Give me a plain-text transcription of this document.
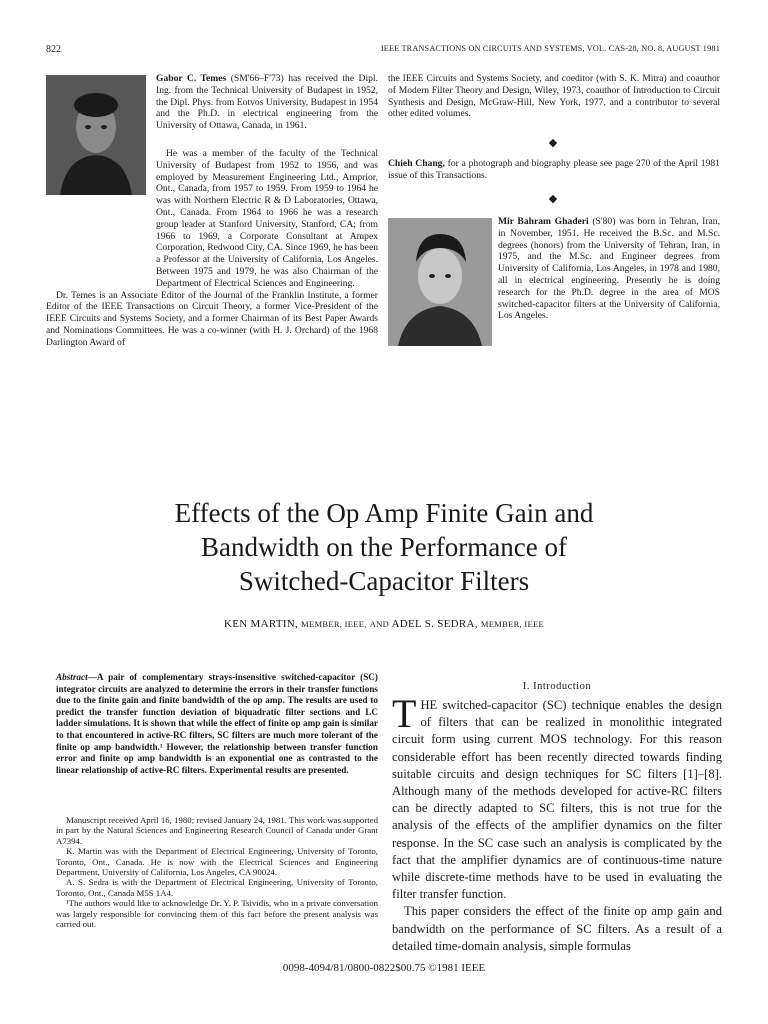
822	IEEE TRANSACTIONS ON CIRCUITS AND SYSTEMS, VOL. CAS-28, NO. 8, AUGUST 1981

Gabor C. Temes (SM'66–F'73) has received the Dipl. Ing. from the Technical University of Budapest in 1952, the Dipl. Phys. from Eotvos University, Budapest in 1954 and the Ph.D. in electrical engineering from the University of Ottawa, Canada, in 1961.

He was a member of the faculty of the Technical University of Budapest from 1952 to 1956, and was employed by Measurement Engineering Ltd., Arnprior, Ont., Canada, from 1957 to 1959. From 1959 to 1964 he was with Northern Electric R & D Laboratories, Ottawa, Ont., Canada. From 1964 to 1966 he was a research group leader at Stanford University, Stanford, CA; from 1966 to 1969, a Corporate Consultant at Ampex Corporation, Redwood City, CA. Since 1969, he has been a Professor at the University of California, Los Angeles. Between 1975 and 1979, he was also Chairman of the Department of Electrical Sciences and Engineering.

Dr. Temes is an Associate Editor of the Journal of the Franklin Institute, a former Editor of the IEEE Transactions on Circuit Theory, a former Vice-President of the IEEE Circuits and Systems Society, and a former Chairman of its Best Paper Awards and Nominations Committees. He was a co-winner (with H. J. Orchard) of the 1968 Darlington Award of

the IEEE Circuits and Systems Society, and coeditor (with S. K. Mitra) and coauthor of Modern Filter Theory and Design, Wiley, 1973, coauthor of Introduction to Circuit Synthesis and Design, McGraw-Hill, New York, 1977, and a contributor to several other edited volumes.

◆

Chieh Chang, for a photograph and biography please see page 270 of the April 1981 issue of this Transactions.

◆

Mir Bahram Ghaderi (S'80) was born in Tehran, Iran, in November, 1951. He received the B.Sc. and M.Sc. degrees (honors) from the University of Tehran, Iran, in 1975, and the M.Sc. and Engineer degrees from University of California, Los Angeles, in 1978 and 1980, all in electrical engineering. Presently he is doing research for the Ph.D. degree in the area of MOS switched-capacitor filters at the University of California, Los Angeles.

Effects of the Op Amp Finite Gain and
Bandwidth on the Performance of
Switched-Capacitor Filters
KEN MARTIN, MEMBER, IEEE, AND ADEL S. SEDRA, MEMBER, IEEE
Abstract—A pair of complementary strays-insensitive switched-capacitor (SC) integrator circuits are analyzed to determine the errors in their transfer functions due to the finite gain and finite bandwidth of the op amp. The results are used to predict the transfer function deviation of biquadratic filter sections and LC ladder simulations. It is shown that while the effect of finite op amp gain is similar to that encountered in active-RC filters, SC filters are much more tolerant of the finite op amp bandwidth.¹ However, the relationship between transfer function error and finite op amp bandwidth is an exponential one as contrasted to the linear relationship of active-RC filters. Experimental results are presented.

Manuscript received April 16, 1980; revised January 24, 1981. This work was supported in part by the Natural Sciences and Engineering Research Council of Canada under Grant A7394.

K. Martin was with the Department of Electrical Engineering, University of Toronto, Toronto, Ont., Canada. He is now with the Electrical Sciences and Engineering Department, University of California, Los Angeles, CA 90024.

A. S. Sedra is with the Department of Electrical Engineering, University of Toronto, Toronto, Ont., Canada M5S 1A4.

¹The authors would like to acknowledge Dr. Y. P. Tsividis, who in a private conversation was largely responsible for convincing them of this fact before the present analysis was carried out.

I. Introduction

THE switched-capacitor (SC) technique enables the design of filters that can be realized in monolithic integrated circuit form using current MOS technology. For this reason considerable effort has been recently directed towards finding suitable circuits and design techniques for SC filters [1]–[8]. Although many of the methods developed for active-RC filters can be directly adapted to SC filters, this is not true for the analysis of the effects of the amplifier dynamics on the filter response. In the SC case such an analysis is complicated by the fact that the amplifier dynamics are of continuous-time nature while discrete-time methods have to be used in evaluating the filter transfer function.

This paper considers the effect of the finite op amp gain and bandwidth on the performance of SC filters. As a result of a detailed time-domain analysis, simple formulas

0098-4094/81/0800-0822$00.75 ©1981 IEEE
